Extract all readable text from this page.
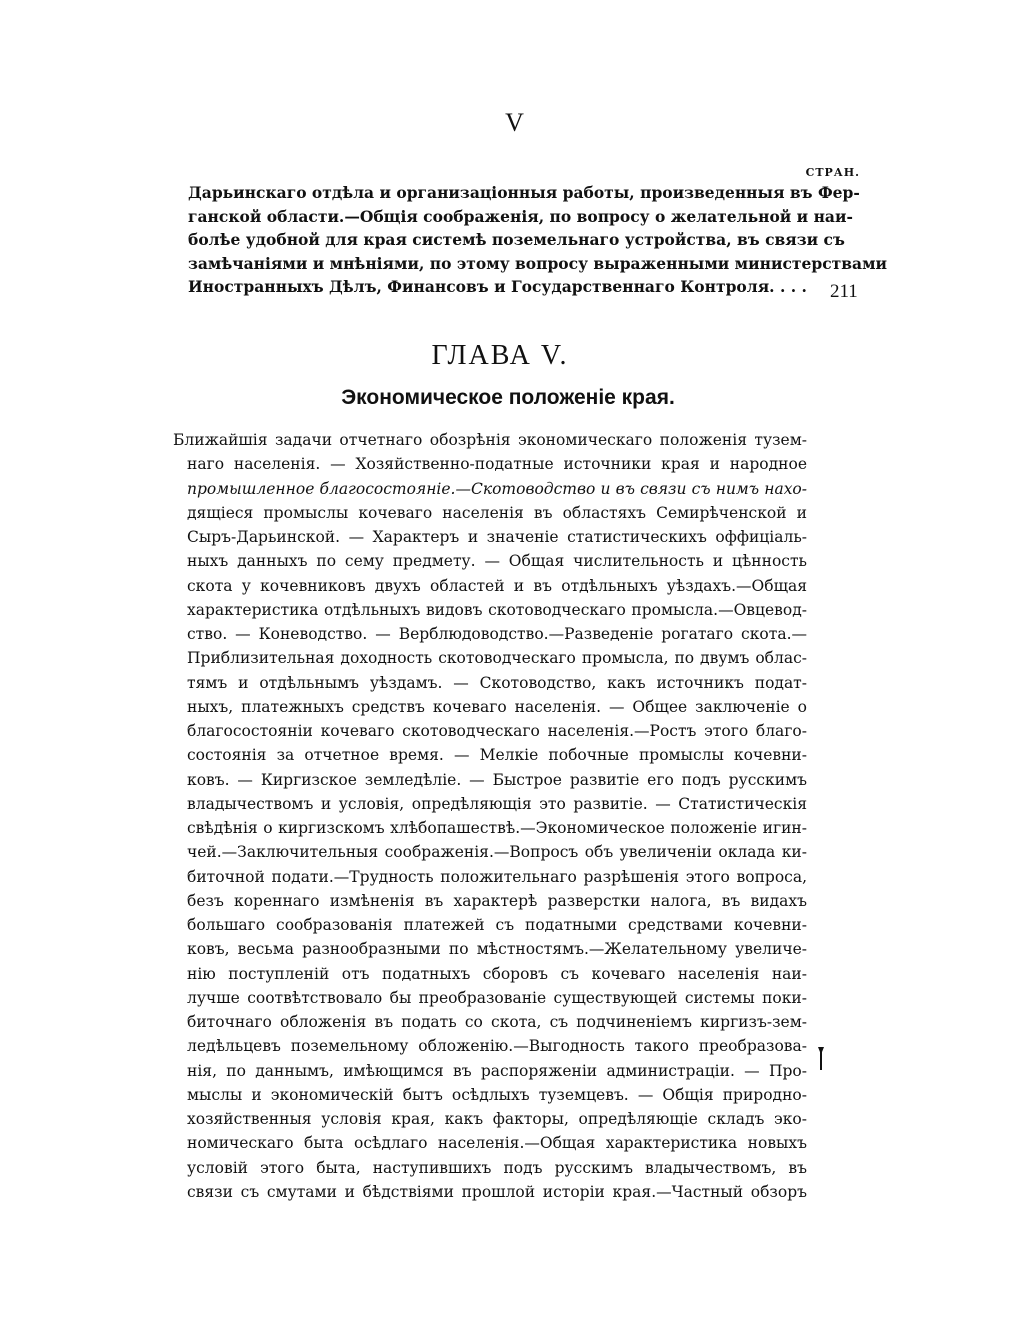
V
СТРАН.
Дарьинскаго отдѣла и организаціонныя работы, произведенныя въ Фер-
ганской области.—Общія соображенія, по вопросу о желательной и наи-
болѣе удобной для края системѣ поземельнаго устройства, въ связи съ
замѣчаніями и мнѣніями, по этому вопросу выраженными министерствами
Иностранныхъ Дѣлъ, Финансовъ и Государственнаго Контроля. . . . 211
ГЛАВА V.
Экономическое положеніе края.
Ближайшія задачи отчетнаго обозрѣнія экономическаго положенія тузем-
наго населенія. — Хозяйственно-податные источники края и народное
промышленное благосостояніе.—Скотоводство и въ связи съ нимъ нахо-
дящіеся промыслы кочеваго населенія въ областяхъ Семирѣченской и
Сыръ-Дарьинской. — Характеръ и значеніе статистическихъ оффиціаль-
ныхъ данныхъ по сему предмету. — Общая числительность и цѣнность
скота у кочевниковъ двухъ областей и въ отдѣльныхъ уѣздахъ.—Общая
характеристика отдѣльныхъ видовъ скотоводческаго промысла.—Овцевод-
ство. — Коневодство. — Верблюдоводство.—Разведеніе рогатаго скота.—
Приблизительная доходность скотоводческаго промысла, по двумъ облас-
тямъ и отдѣльнымъ уѣздамъ. — Скотоводство, какъ источникъ подат-
ныхъ, платежныхъ средствъ кочеваго населенія. — Общее заключеніе о
благосостояніи кочеваго скотоводческаго населенія.—Ростъ этого благо-
состоянія за отчетное время. — Мелкіе побочные промыслы кочевни-
ковъ. — Киргизское земледѣліе. — Быстрое развитіе его подъ русскимъ
владычествомъ и условія, опредѣляющія это развитіе. — Статистическія
свѣдѣнія о киргизскомъ хлѣбопашествѣ.—Экономическое положеніе игин-
чей.—Заключительныя соображенія.—Вопросъ объ увеличеніи оклада ки-
биточной подати.—Трудность положительнаго разрѣшенія этого вопроса,
безъ кореннаго измѣненія въ характерѣ разверстки налога, въ видахъ
большаго сообразованія платежей съ податными средствами кочевни-
ковъ, весьма разнообразными по мѣстностямъ.—Желательному увеличе-
нію поступленій отъ податныхъ сборовъ съ кочеваго населенія наи-
лучше соотвѣтствовало бы преобразованіе существующей системы поки-
биточнаго обложенія въ подать со скота, съ подчиненіемъ киргизъ-зем-
ледѣльцевъ поземельному обложенію.—Выгодность такого преобразова-
нія, по даннымъ, имѣющимся въ распоряженіи администраціи. — Про-
мыслы и экономическій бытъ осѣдлыхъ туземцевъ. — Общія природно-
хозяйственныя условія края, какъ факторы, опредѣляющіе складъ эко-
номическаго быта осѣдлаго населенія.—Общая характеристика новыхъ
условій этого быта, наступившихъ подъ русскимъ владычествомъ, въ
связи съ смутами и бѣдствіями прошлой исторіи края.—Частный обзоръ
